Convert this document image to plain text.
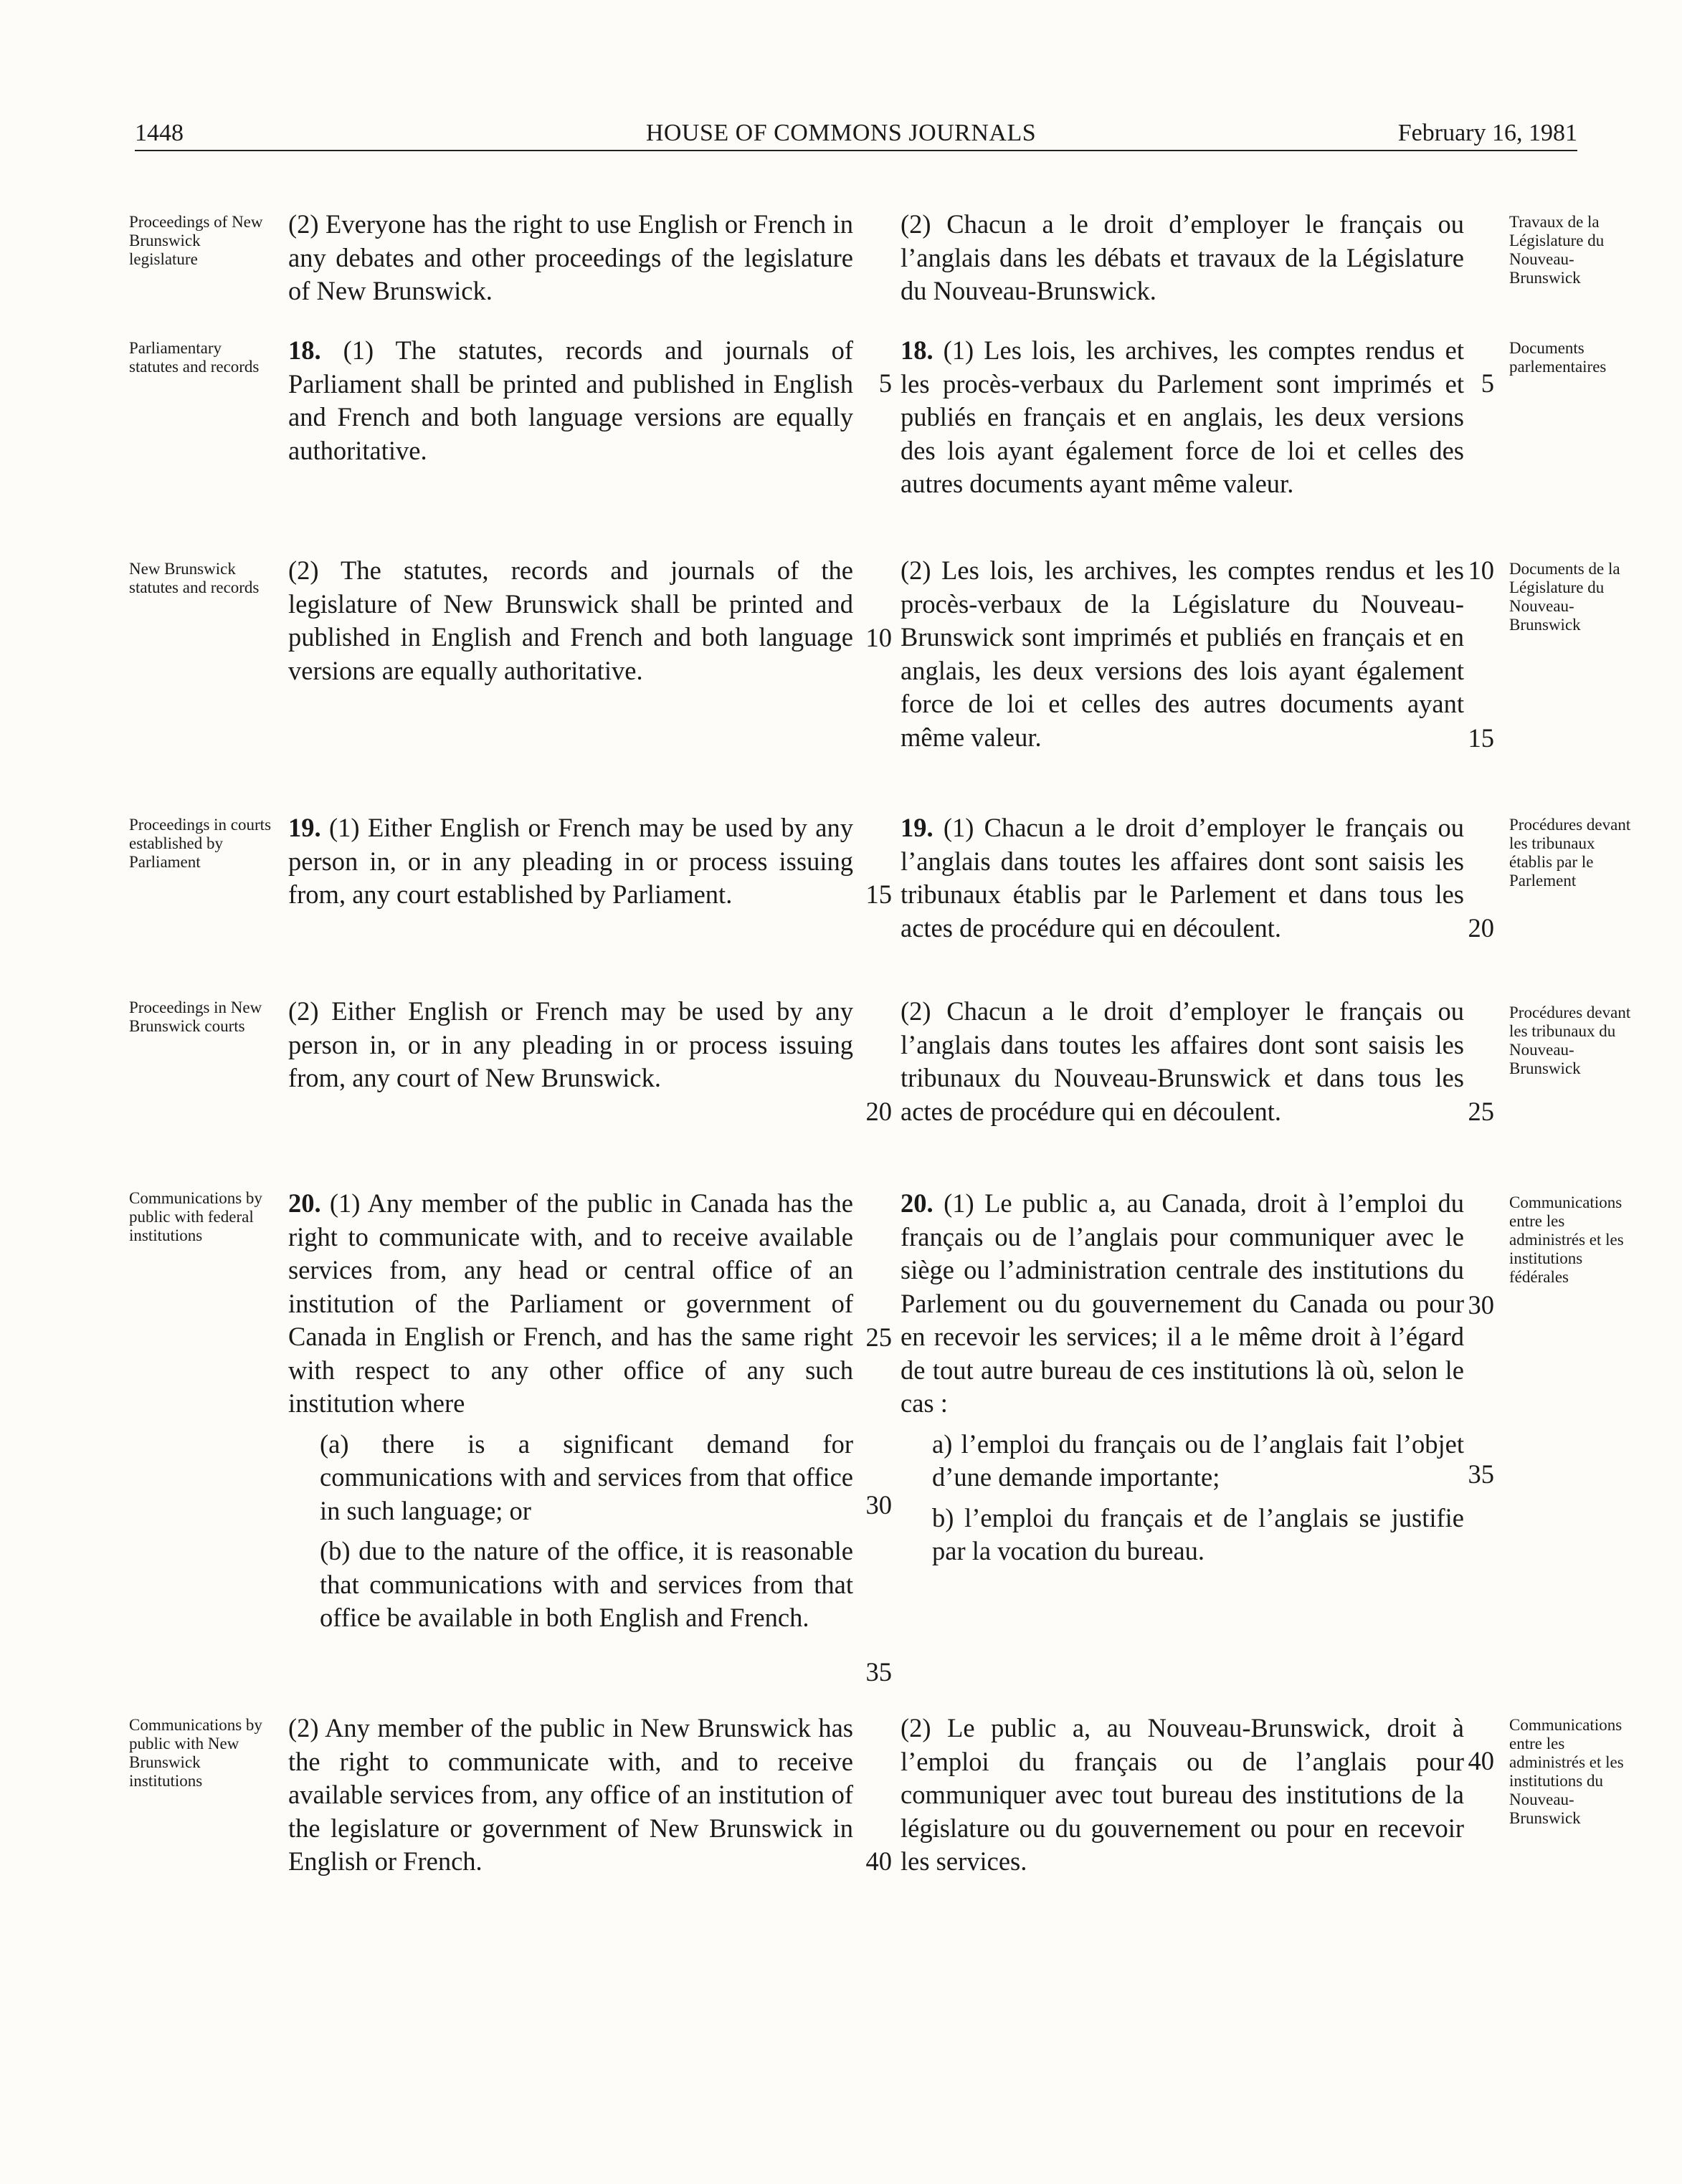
1448	HOUSE OF COMMONS JOURNALS	February 16, 1981
Proceedings of New Brunswick legislature
(2) Everyone has the right to use English or French in any debates and other proceedings of the legislature of New Brunswick.
(2) Chacun a le droit d’employer le français ou l’anglais dans les débats et travaux de la Législature du Nouveau-Brunswick.
Travaux de la Législature du Nouveau-Brunswick
Parliamentary statutes and records
18. (1) The statutes, records and journals of Parliament shall be printed and published in English and French and both language versions are equally authoritative.
18. (1) Les lois, les archives, les comptes rendus et les procès-verbaux du Parlement sont imprimés et publiés en français et en anglais, les deux versions des lois ayant également force de loi et celles des autres documents ayant même valeur.
Documents parlementaires
5	5
New Brunswick statutes and records
(2) The statutes, records and journals of the legislature of New Brunswick shall be printed and published in English and French and both language versions are equally authoritative.
(2) Les lois, les archives, les comptes rendus et les procès-verbaux de la Législature du Nouveau-Brunswick sont imprimés et publiés en français et en anglais, les deux versions des lois ayant également force de loi et celles des autres documents ayant même valeur.
Documents de la Législature du Nouveau-Brunswick
10
10
15
Proceedings in courts established by Parliament
19. (1) Either English or French may be used by any person in, or in any pleading in or process issuing from, any court established by Parliament.
19. (1) Chacun a le droit d’employer le français ou l’anglais dans toutes les affaires dont sont saisis les tribunaux établis par le Parlement et dans tous les actes de procédure qui en découlent.
Procédures devant les tribunaux établis par le Parlement
15
20
Proceedings in New Brunswick courts
(2) Either English or French may be used by any person in, or in any pleading in or process issuing from, any court of New Brunswick.
(2) Chacun a le droit d’employer le français ou l’anglais dans toutes les affaires dont sont saisis les tribunaux du Nouveau-Brunswick et dans tous les actes de procédure qui en découlent.
Procédures devant les tribunaux du Nouveau-Brunswick
20	25
Communications by public with federal institutions
20. (1) Any member of the public in Canada has the right to communicate with, and to receive available services from, any head or central office of an institution of the Parliament or government of Canada in English or French, and has the same right with respect to any other office of any such institution where
(a) there is a significant demand for communications with and services from that office in such language; or
(b) due to the nature of the office, it is reasonable that communications with and services from that office be available in both English and French.
20. (1) Le public a, au Canada, droit à l’emploi du français ou de l’anglais pour communiquer avec le siège ou l’administration centrale des institutions du Parlement ou du gouvernement du Canada ou pour en recevoir les services; il a le même droit à l’égard de tout autre bureau de ces institutions là où, selon le cas :
a) l’emploi du français ou de l’anglais fait l’objet d’une demande importante;
b) l’emploi du français et de l’anglais se justifie par la vocation du bureau.
Communications entre les administrés et les institutions fédérales
30
25
30
35
35
Communications by public with New Brunswick institutions
(2) Any member of the public in New Brunswick has the right to communicate with, and to receive available services from, any office of an institution of the legislature or government of New Brunswick in English or French.
(2) Le public a, au Nouveau-Brunswick, droit à l’emploi du français ou de l’anglais pour communiquer avec tout bureau des institutions de la législature ou du gouvernement ou pour en recevoir les services.
Communications entre les administrés et les institutions du Nouveau-Brunswick
40
40
